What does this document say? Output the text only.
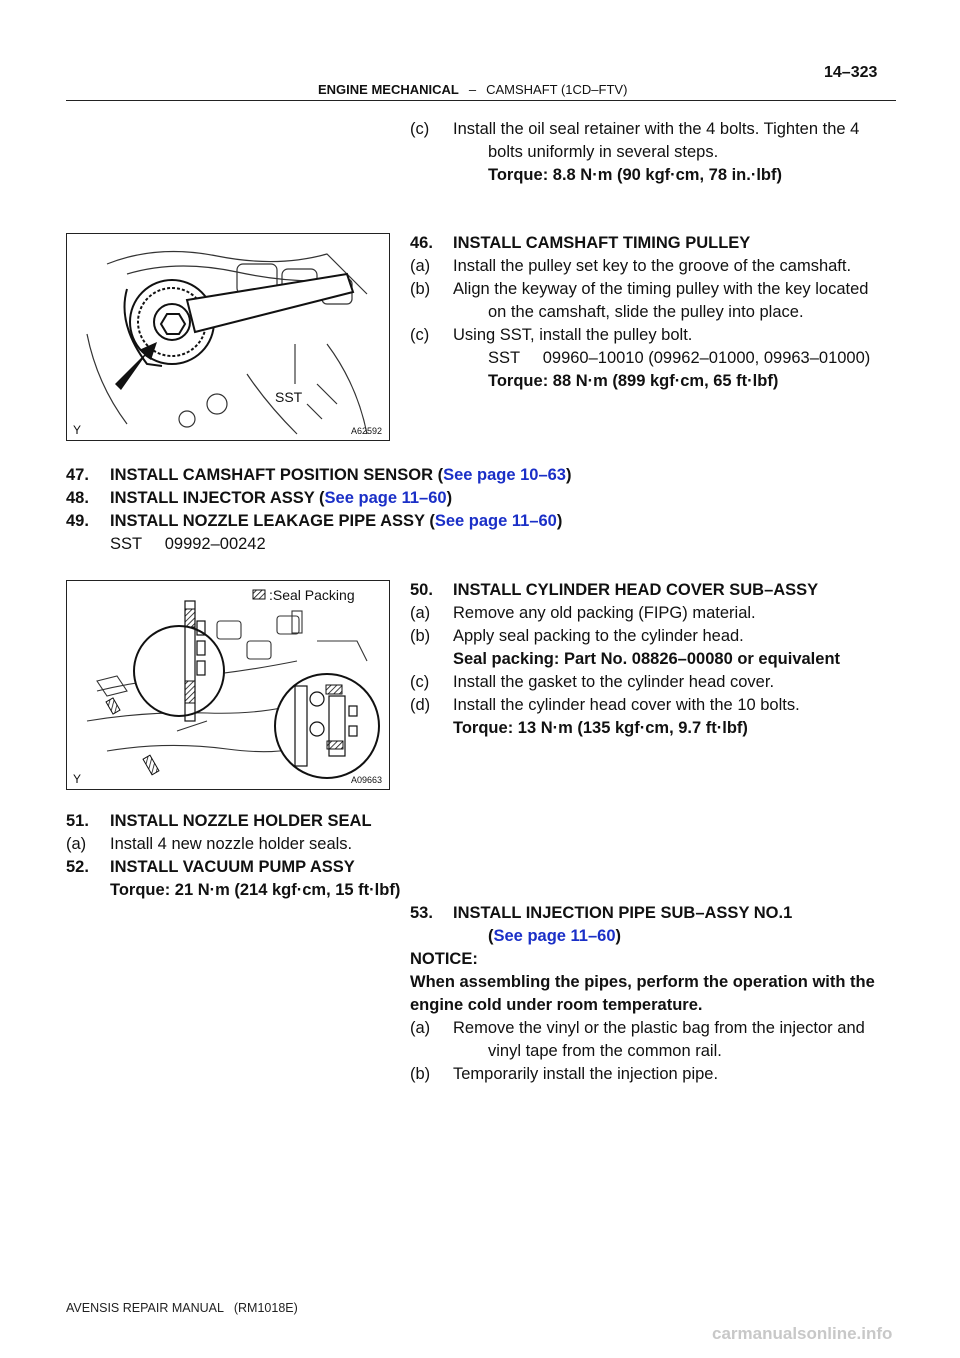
ENGINE MECHANICAL – CAMSHAFT (1CD–FTV)
14–323
(c) Install the oil seal retainer with the 4 bolts. Tighten the 4
bolts uniformly in several steps.
Torque: 8.8 N·m (90 kgf·cm, 78 in.·lbf)
SST
Y	A62592
46. INSTALL CAMSHAFT TIMING PULLEY
(a) Install the pulley set key to the groove of the camshaft.
(b) Align the keyway of the timing pulley with the key located
on the camshaft, slide the pulley into place.
(c) Using SST, install the pulley bolt.
SST     09960–10010 (09962–01000, 09963–01000)
Torque: 88 N·m (899 kgf·cm, 65 ft·lbf)
47. INSTALL CAMSHAFT POSITION SENSOR (See page 10–63)
48. INSTALL INJECTOR ASSY (See page 11–60)
49. INSTALL NOZZLE LEAKAGE PIPE ASSY (See page 11–60)
SST     09992–00242
:Seal Packing
Y	A09663
50. INSTALL CYLINDER HEAD COVER SUB–ASSY
(a) Remove any old packing (FIPG) material.
(b) Apply seal packing to the cylinder head.
Seal packing: Part No. 08826–00080 or equivalent
(c) Install the gasket to the cylinder head cover.
(d) Install the cylinder head cover with the 10 bolts.
Torque: 13 N·m (135 kgf·cm, 9.7 ft·lbf)
51. INSTALL NOZZLE HOLDER SEAL
(a) Install 4 new nozzle holder seals.
52. INSTALL VACUUM PUMP ASSY
Torque: 21 N·m (214 kgf·cm, 15 ft·lbf)
53. INSTALL INJECTION PIPE SUB–ASSY NO.1
(See page 11–60)
NOTICE:
When assembling the pipes, perform the operation with the
engine cold under room temperature.
(a) Remove the vinyl or the plastic bag from the injector and
vinyl tape from the common rail.
(b) Temporarily install the injection pipe.
AVENSIS REPAIR MANUAL   (RM1018E)
carmanualsonline.info
